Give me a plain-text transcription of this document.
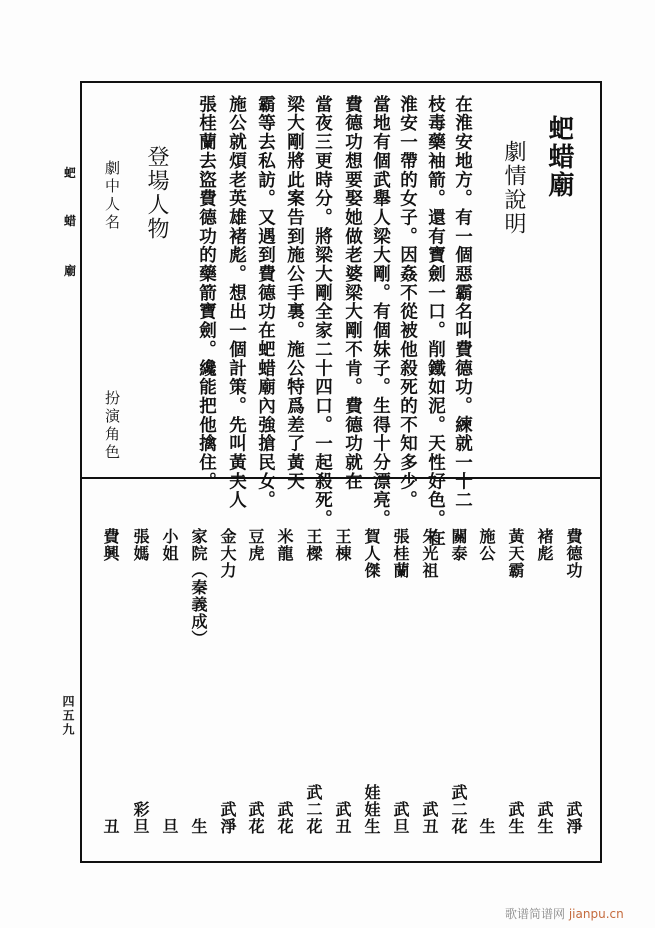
蚆
蜡
廟
四五九
蚆蜡廟
劇情說明
在淮安地方。有一個惡霸名叫費德功。練就一十二
枝毒藥袖箭。還有寶劍一口。削鐵如泥。天性好色。在
淮安一帶的女子。因姦不從被他殺死的不知多少。
當地有個武舉人梁大剛。有個妹子。生得十分漂亮。
費德功想要娶她做老婆梁大剛不肯。費德功就在
當夜三更時分。將梁大剛全家二十四口。一起殺死。
梁大剛將此案告到施公手裏。施公特爲差了黃天
霸等去私訪。又遇到費德功在蚆蜡廟內強搶民女。
施公就煩老英雄褚彪。想出一個計策。先叫黃夫人
張桂蘭去盜費德功的藥箭寶劍。纔能把他擒住。
登場人物
劇中人名
扮演角色
費德功
褚彪
黃天霸
施公
關泰
朱光祖
張桂蘭
賀人傑
王棟
王樑
米龍
豆虎
金大力
家院（秦義成）
小姐
張媽
費興
武淨
武生
武生
生
武二花
武丑
武旦
娃娃生
武丑
武二花
武花
武花
武淨
生
旦
彩旦
丑
歌谱简谱网 jianpu.cn
